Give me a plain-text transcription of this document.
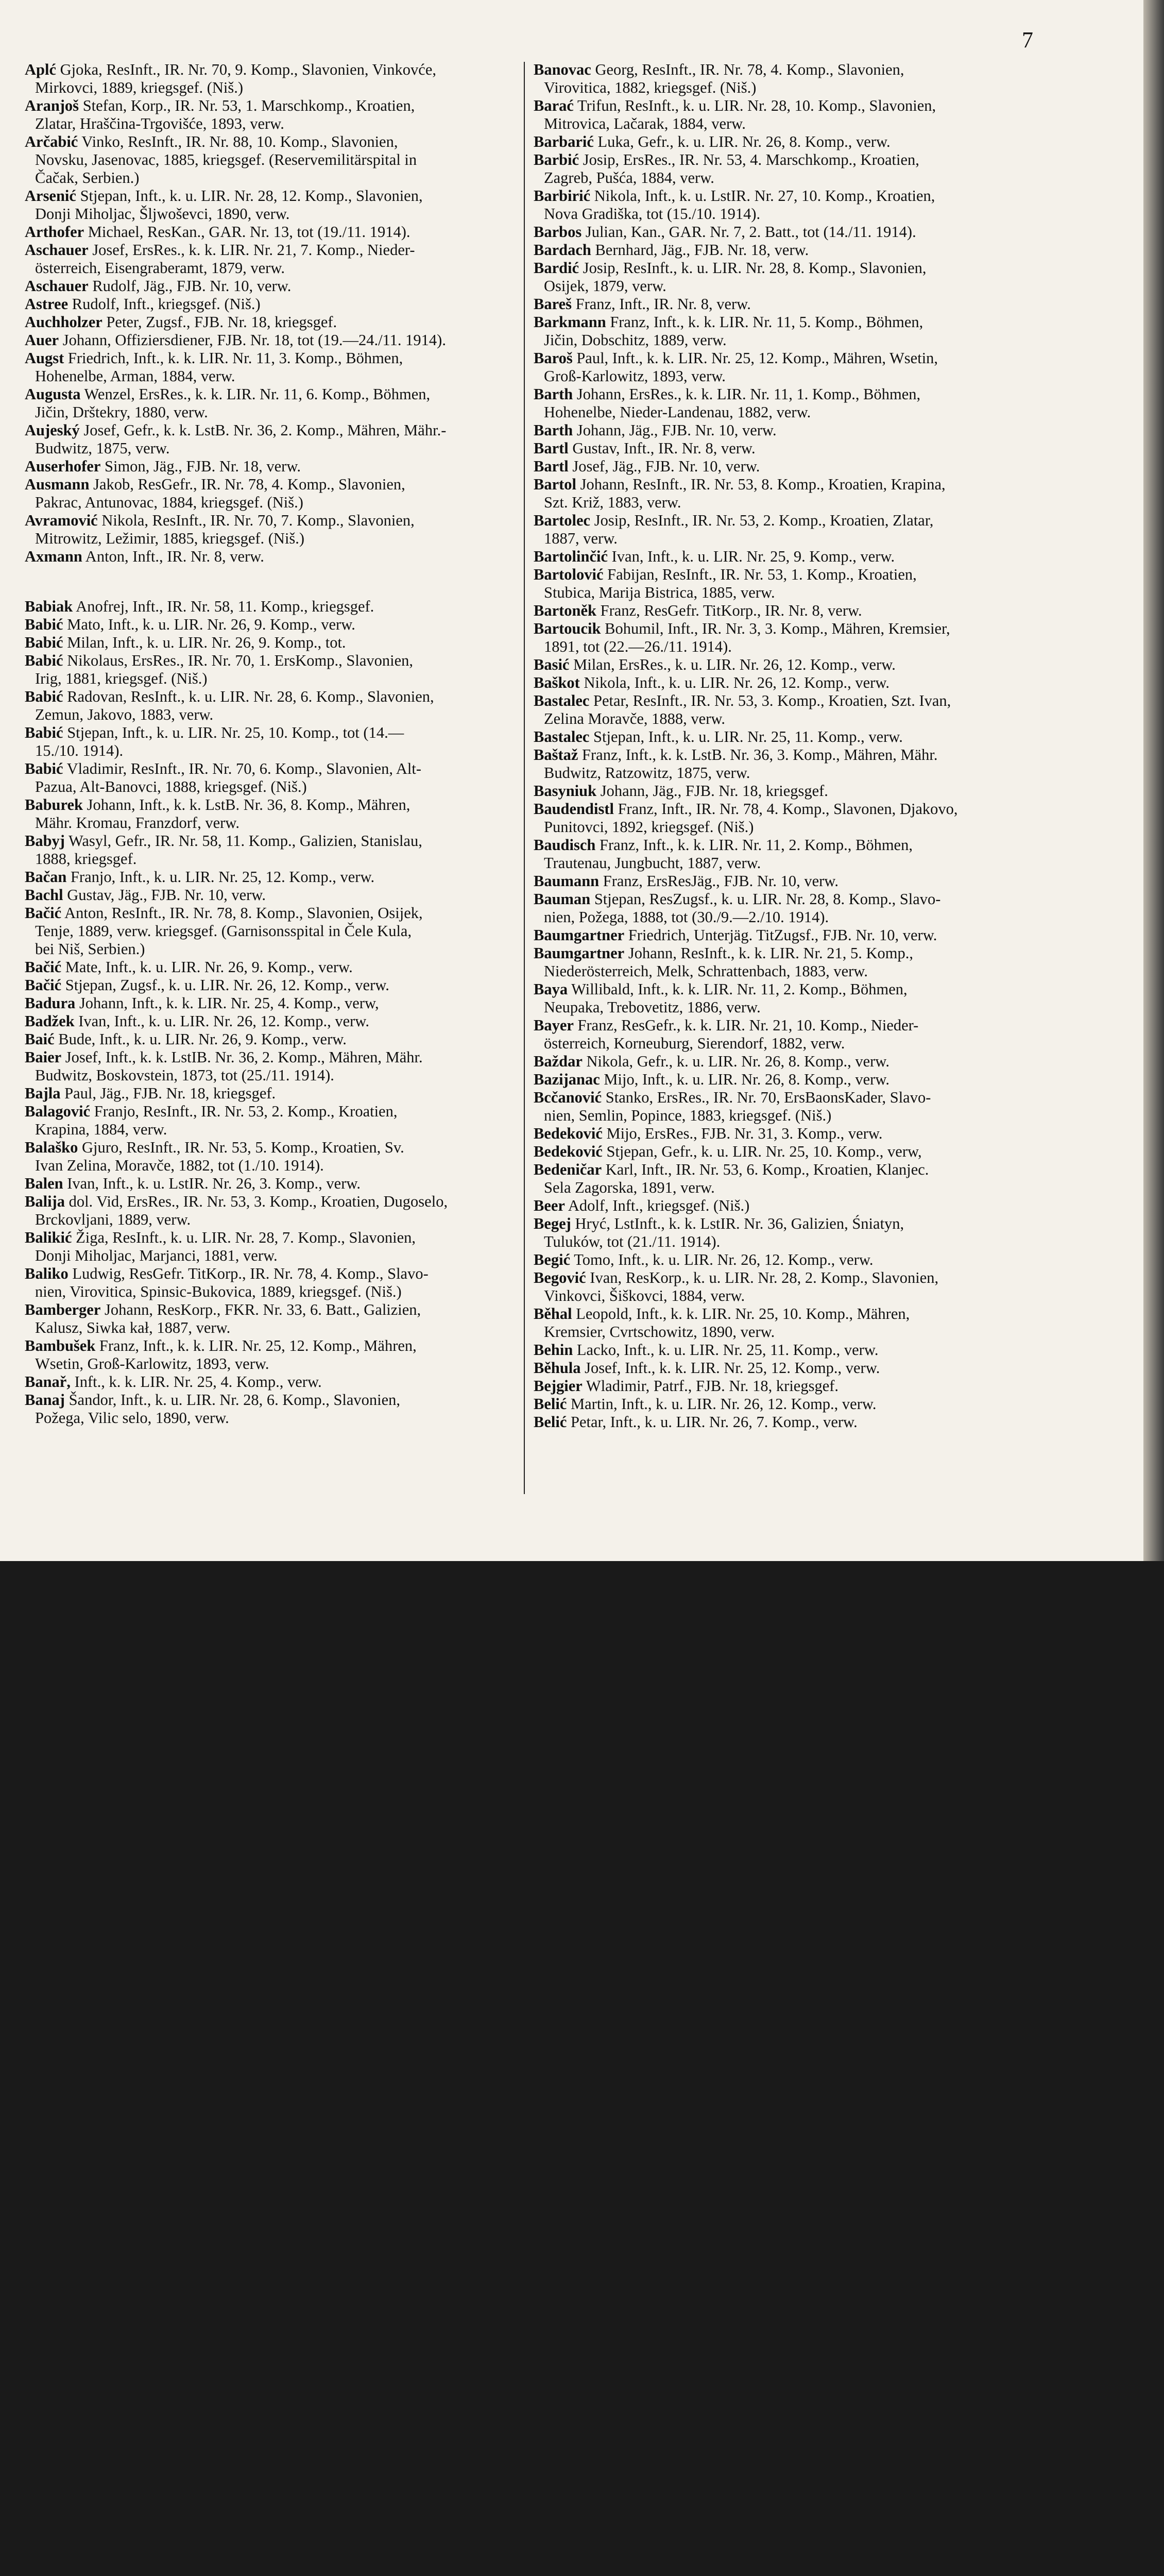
7
Aplć Gjoka, ResInft., IR. Nr. 70, 9. Komp., Slavonien, Vinkovće,
Mirkovci, 1889, kriegsgef. (Niš.)
Aranjoš Stefan, Korp., IR. Nr. 53, 1. Marschkomp., Kroatien,
Zlatar, Hraščina-Trgovišće, 1893, verw.
Arčabić Vinko, ResInft., IR. Nr. 88, 10. Komp., Slavonien,
Novsku, Jasenovac, 1885, kriegsgef. (Reservemilitärspital in
Čačak, Serbien.)
Arsenić Stjepan, Inft., k. u. LIR. Nr. 28, 12. Komp., Slavonien,
Donji Miholjac, Šljwoševci, 1890, verw.
Arthofer Michael, ResKan., GAR. Nr. 13, tot (19./11. 1914).
Aschauer Josef, ErsRes., k. k. LIR. Nr. 21, 7. Komp., Nieder-
österreich, Eisengraberamt, 1879, verw.
Aschauer Rudolf, Jäg., FJB. Nr. 10, verw.
Astree Rudolf, Inft., kriegsgef. (Niš.)
Auchholzer Peter, Zugsf., FJB. Nr. 18, kriegsgef.
Auer Johann, Offiziersdiener, FJB. Nr. 18, tot (19.—24./11. 1914).
Augst Friedrich, Inft., k. k. LIR. Nr. 11, 3. Komp., Böhmen,
Hohenelbe, Arman, 1884, verw.
Augusta Wenzel, ErsRes., k. k. LIR. Nr. 11, 6. Komp., Böhmen,
Jičin, Drštekry, 1880, verw.
Aujeský Josef, Gefr., k. k. LstB. Nr. 36, 2. Komp., Mähren, Mähr.-
Budwitz, 1875, verw.
Auserhofer Simon, Jäg., FJB. Nr. 18, verw.
Ausmann Jakob, ResGefr., IR. Nr. 78, 4. Komp., Slavonien,
Pakrac, Antunovac, 1884, kriegsgef. (Niš.)
Avramović Nikola, ResInft., IR. Nr. 70, 7. Komp., Slavonien,
Mitrowitz, Ležimir, 1885, kriegsgef. (Niš.)
Axmann Anton, Inft., IR. Nr. 8, verw.
Babiak Anofrej, Inft., IR. Nr. 58, 11. Komp., kriegsgef.
Babić Mato, Inft., k. u. LIR. Nr. 26, 9. Komp., verw.
Babić Milan, Inft., k. u. LIR. Nr. 26, 9. Komp., tot.
Babić Nikolaus, ErsRes., IR. Nr. 70, 1. ErsKomp., Slavonien,
Irig, 1881, kriegsgef. (Niš.)
Babić Radovan, ResInft., k. u. LIR. Nr. 28, 6. Komp., Slavonien,
Zemun, Jakovo, 1883, verw.
Babić Stjepan, Inft., k. u. LIR. Nr. 25, 10. Komp., tot (14.—
15./10. 1914).
Babić Vladimir, ResInft., IR. Nr. 70, 6. Komp., Slavonien, Alt-
Pazua, Alt-Banovci, 1888, kriegsgef. (Niš.)
Baburek Johann, Inft., k. k. LstB. Nr. 36, 8. Komp., Mähren,
Mähr. Kromau, Franzdorf, verw.
Babyj Wasyl, Gefr., IR. Nr. 58, 11. Komp., Galizien, Stanislau,
1888, kriegsgef.
Bačan Franjo, Inft., k. u. LIR. Nr. 25, 12. Komp., verw.
Bachl Gustav, Jäg., FJB. Nr. 10, verw.
Bačić Anton, ResInft., IR. Nr. 78, 8. Komp., Slavonien, Osijek,
Tenje, 1889, verw. kriegsgef. (Garnisonsspital in Čele Kula,
bei Niš, Serbien.)
Bačić Mate, Inft., k. u. LIR. Nr. 26, 9. Komp., verw.
Bačić Stjepan, Zugsf., k. u. LIR. Nr. 26, 12. Komp., verw.
Badura Johann, Inft., k. k. LIR. Nr. 25, 4. Komp., verw,
Badžek Ivan, Inft., k. u. LIR. Nr. 26, 12. Komp., verw.
Baić Bude, Inft., k. u. LIR. Nr. 26, 9. Komp., verw.
Baier Josef, Inft., k. k. LstIB. Nr. 36, 2. Komp., Mähren, Mähr.
Budwitz, Boskovstein, 1873, tot (25./11. 1914).
Bajla Paul, Jäg., FJB. Nr. 18, kriegsgef.
Balagović Franjo, ResInft., IR. Nr. 53, 2. Komp., Kroatien,
Krapina, 1884, verw.
Balaško Gjuro, ResInft., IR. Nr. 53, 5. Komp., Kroatien, Sv.
Ivan Zelina, Moravče, 1882, tot (1./10. 1914).
Balen Ivan, Inft., k. u. LstIR. Nr. 26, 3. Komp., verw.
Balija dol. Vid, ErsRes., IR. Nr. 53, 3. Komp., Kroatien, Dugoselo,
Brckovljani, 1889, verw.
Balikić Žiga, ResInft., k. u. LIR. Nr. 28, 7. Komp., Slavonien,
Donji Miholjac, Marjanci, 1881, verw.
Baliko Ludwig, ResGefr. TitKorp., IR. Nr. 78, 4. Komp., Slavo-
nien, Virovitica, Spinsic-Bukovica, 1889, kriegsgef. (Niš.)
Bamberger Johann, ResKorp., FKR. Nr. 33, 6. Batt., Galizien,
Kalusz, Siwka kał, 1887, verw.
Bambušek Franz, Inft., k. k. LIR. Nr. 25, 12. Komp., Mähren,
Wsetin, Groß-Karlowitz, 1893, verw.
Banař, Inft., k. k. LIR. Nr. 25, 4. Komp., verw.
Banaj Šandor, Inft., k. u. LIR. Nr. 28, 6. Komp., Slavonien,
Požega, Vilic selo, 1890, verw.
Banovac Georg, ResInft., IR. Nr. 78, 4. Komp., Slavonien,
Virovitica, 1882, kriegsgef. (Niš.)
Barać Trifun, ResInft., k. u. LIR. Nr. 28, 10. Komp., Slavonien,
Mitrovica, Lačarak, 1884, verw.
Barbarić Luka, Gefr., k. u. LIR. Nr. 26, 8. Komp., verw.
Barbić Josip, ErsRes., IR. Nr. 53, 4. Marschkomp., Kroatien,
Zagreb, Pušća, 1884, verw.
Barbirić Nikola, Inft., k. u. LstIR. Nr. 27, 10. Komp., Kroatien,
Nova Gradiška, tot (15./10. 1914).
Barbos Julian, Kan., GAR. Nr. 7, 2. Batt., tot (14./11. 1914).
Bardach Bernhard, Jäg., FJB. Nr. 18, verw.
Bardić Josip, ResInft., k. u. LIR. Nr. 28, 8. Komp., Slavonien,
Osijek, 1879, verw.
Bareš Franz, Inft., IR. Nr. 8, verw.
Barkmann Franz, Inft., k. k. LIR. Nr. 11, 5. Komp., Böhmen,
Jičin, Dobschitz, 1889, verw.
Baroš Paul, Inft., k. k. LIR. Nr. 25, 12. Komp., Mähren, Wsetin,
Groß-Karlowitz, 1893, verw.
Barth Johann, ErsRes., k. k. LIR. Nr. 11, 1. Komp., Böhmen,
Hohenelbe, Nieder-Landenau, 1882, verw.
Barth Johann, Jäg., FJB. Nr. 10, verw.
Bartl Gustav, Inft., IR. Nr. 8, verw.
Bartl Josef, Jäg., FJB. Nr. 10, verw.
Bartol Johann, ResInft., IR. Nr. 53, 8. Komp., Kroatien, Krapina,
Szt. Križ, 1883, verw.
Bartolec Josip, ResInft., IR. Nr. 53, 2. Komp., Kroatien, Zlatar,
1887, verw.
Bartolinčić Ivan, Inft., k. u. LIR. Nr. 25, 9. Komp., verw.
Bartolović Fabijan, ResInft., IR. Nr. 53, 1. Komp., Kroatien,
Stubica, Marija Bistrica, 1885, verw.
Bartoněk Franz, ResGefr. TitKorp., IR. Nr. 8, verw.
Bartoucik Bohumil, Inft., IR. Nr. 3, 3. Komp., Mähren, Kremsier,
1891, tot (22.—26./11. 1914).
Basić Milan, ErsRes., k. u. LIR. Nr. 26, 12. Komp., verw.
Baškot Nikola, Inft., k. u. LIR. Nr. 26, 12. Komp., verw.
Bastalec Petar, ResInft., IR. Nr. 53, 3. Komp., Kroatien, Szt. Ivan,
Zelina Moravče, 1888, verw.
Bastalec Stjepan, Inft., k. u. LIR. Nr. 25, 11. Komp., verw.
Baštaž Franz, Inft., k. k. LstB. Nr. 36, 3. Komp., Mähren, Mähr.
Budwitz, Ratzowitz, 1875, verw.
Basyniuk Johann, Jäg., FJB. Nr. 18, kriegsgef.
Baudendistl Franz, Inft., IR. Nr. 78, 4. Komp., Slavonen, Djakovo,
Punitovci, 1892, kriegsgef. (Niš.)
Baudisch Franz, Inft., k. k. LIR. Nr. 11, 2. Komp., Böhmen,
Trautenau, Jungbucht, 1887, verw.
Baumann Franz, ErsResJäg., FJB. Nr. 10, verw.
Bauman Stjepan, ResZugsf., k. u. LIR. Nr. 28, 8. Komp., Slavo-
nien, Požega, 1888, tot (30./9.—2./10. 1914).
Baumgartner Friedrich, Unterjäg. TitZugsf., FJB. Nr. 10, verw.
Baumgartner Johann, ResInft., k. k. LIR. Nr. 21, 5. Komp.,
Niederösterreich, Melk, Schrattenbach, 1883, verw.
Baya Willibald, Inft., k. k. LIR. Nr. 11, 2. Komp., Böhmen,
Neupaka, Trebovetitz, 1886, verw.
Bayer Franz, ResGefr., k. k. LIR. Nr. 21, 10. Komp., Nieder-
österreich, Korneuburg, Sierendorf, 1882, verw.
Baždar Nikola, Gefr., k. u. LIR. Nr. 26, 8. Komp., verw.
Bazijanac Mijo, Inft., k. u. LIR. Nr. 26, 8. Komp., verw.
Bcčanović Stanko, ErsRes., IR. Nr. 70, ErsBaonsKader, Slavo-
nien, Semlin, Popince, 1883, kriegsgef. (Niš.)
Bedeković Mijo, ErsRes., FJB. Nr. 31, 3. Komp., verw.
Bedeković Stjepan, Gefr., k. u. LIR. Nr. 25, 10. Komp., verw,
Bedeničar Karl, Inft., IR. Nr. 53, 6. Komp., Kroatien, Klanjec.
Sela Zagorska, 1891, verw.
Beer Adolf, Inft., kriegsgef. (Niš.)
Begej Hryć, LstInft., k. k. LstIR. Nr. 36, Galizien, Śniatyn,
Tuluków, tot (21./11. 1914).
Begić Tomo, Inft., k. u. LIR. Nr. 26, 12. Komp., verw.
Begović Ivan, ResKorp., k. u. LIR. Nr. 28, 2. Komp., Slavonien,
Vinkovci, Šiškovci, 1884, verw.
Běhal Leopold, Inft., k. k. LIR. Nr. 25, 10. Komp., Mähren,
Kremsier, Cvrtschowitz, 1890, verw.
Behin Lacko, Inft., k. u. LIR. Nr. 25, 11. Komp., verw.
Běhula Josef, Inft., k. k. LIR. Nr. 25, 12. Komp., verw.
Bejgier Wladimir, Patrf., FJB. Nr. 18, kriegsgef.
Belić Martin, Inft., k. u. LIR. Nr. 26, 12. Komp., verw.
Belić Petar, Inft., k. u. LIR. Nr. 26, 7. Komp., verw.
